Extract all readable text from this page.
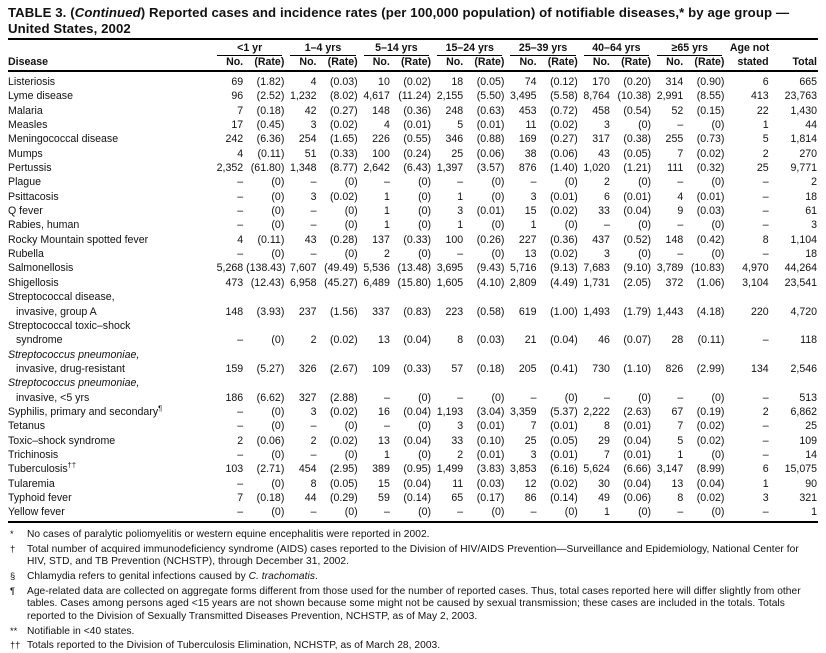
TABLE 3. (Continued) Reported cases and incidence rates (per 100,000 population) of notifiable diseases,* by age group — United States, 2002

	<1 yr		1–4 yrs		5–14 yrs		15–24 yrs		25–39 yrs		40–64 yrs		≥65 yrs		Age not	
Disease	No.	(Rate)	No.	(Rate)	No.	(Rate)	No.	(Rate)	No.	(Rate)	No.	(Rate)	No.	(Rate)	stated	Total
Listeriosis	69	(1.82)	4	(0.03)	10	(0.02)	18	(0.05)	74	(0.12)	170	(0.20)	314	(0.90)	6	665
Lyme disease	96	(2.52)	1,232	(8.02)	4,617	(11.24)	2,155	(5.50)	3,495	(5.58)	8,764	(10.38)	2,991	(8.55)	413	23,763
Malaria	7	(0.18)	42	(0.27)	148	(0.36)	248	(0.63)	453	(0.72)	458	(0.54)	52	(0.15)	22	1,430
Measles	17	(0.45)	3	(0.02)	4	(0.01)	5	(0.01)	11	(0.02)	3	(0)	–	(0)	1	44
Meningococcal disease	242	(6.36)	254	(1.65)	226	(0.55)	346	(0.88)	169	(0.27)	317	(0.38)	255	(0.73)	5	1,814
Mumps	4	(0.11)	51	(0.33)	100	(0.24)	25	(0.06)	38	(0.06)	43	(0.05)	7	(0.02)	2	270
Pertussis	2,352	(61.80)	1,348	(8.77)	2,642	(6.43)	1,397	(3.57)	876	(1.40)	1,020	(1.21)	111	(0.32)	25	9,771
Plague	–	(0)	–	(0)	–	(0)	–	(0)	–	(0)	2	(0)	–	(0)	–	2
Psittacosis	–	(0)	3	(0.02)	1	(0)	1	(0)	3	(0.01)	6	(0.01)	4	(0.01)	–	18
Q fever	–	(0)	–	(0)	1	(0)	3	(0.01)	15	(0.02)	33	(0.04)	9	(0.03)	–	61
Rabies, human	–	(0)	–	(0)	1	(0)	1	(0)	1	(0)	–	(0)	–	(0)	–	3
Rocky Mountain spotted fever	4	(0.11)	43	(0.28)	137	(0.33)	100	(0.26)	227	(0.36)	437	(0.52)	148	(0.42)	8	1,104
Rubella	–	(0)	–	(0)	2	(0)	–	(0)	13	(0.02)	3	(0)	–	(0)	–	18
Salmonellosis	5,268	(138.43)	7,607	(49.49)	5,536	(13.48)	3,695	(9.43)	5,716	(9.13)	7,683	(9.10)	3,789	(10.83)	4,970	44,264
Shigellosis	473	(12.43)	6,958	(45.27)	6,489	(15.80)	1,605	(4.10)	2,809	(4.49)	1,731	(2.05)	372	(1.06)	3,104	23,541
Streptococcal disease,																
invasive, group A	148	(3.93)	237	(1.56)	337	(0.83)	223	(0.58)	619	(1.00)	1,493	(1.79)	1,443	(4.18)	220	4,720
Streptococcal toxic–shock																
syndrome	–	(0)	2	(0.02)	13	(0.04)	8	(0.03)	21	(0.04)	46	(0.07)	28	(0.11)	–	118
Streptococcus pneumoniae,																
invasive, drug-resistant	159	(5.27)	326	(2.67)	109	(0.33)	57	(0.18)	205	(0.41)	730	(1.10)	826	(2.99)	134	2,546
Streptococcus pneumoniae,																
invasive, <5 yrs	186	(6.62)	327	(2.88)	–	(0)	–	(0)	–	(0)	–	(0)	–	(0)	–	513
Syphilis, primary and secondary¶	–	(0)	3	(0.02)	16	(0.04)	1,193	(3.04)	3,359	(5.37)	2,222	(2.63)	67	(0.19)	2	6,862
Tetanus	–	(0)	–	(0)	–	(0)	3	(0.01)	7	(0.01)	8	(0.01)	7	(0.02)	–	25
Toxic–shock syndrome	2	(0.06)	2	(0.02)	13	(0.04)	33	(0.10)	25	(0.05)	29	(0.04)	5	(0.02)	–	109
Trichinosis	–	(0)	–	(0)	1	(0)	2	(0.01)	3	(0.01)	7	(0.01)	1	(0)	–	14
Tuberculosis††	103	(2.71)	454	(2.95)	389	(0.95)	1,499	(3.83)	3,853	(6.16)	5,624	(6.66)	3,147	(8.99)	6	15,075
Tularemia	–	(0)	8	(0.05)	15	(0.04)	11	(0.03)	12	(0.02)	30	(0.04)	13	(0.04)	1	90
Typhoid fever	7	(0.18)	44	(0.29)	59	(0.14)	65	(0.17)	86	(0.14)	49	(0.06)	8	(0.02)	3	321
Yellow fever	–	(0)	–	(0)	–	(0)	–	(0)	–	(0)	1	(0)	–	(0)	–	1
*	No cases of paralytic poliomyelitis or western equine encephalitis were reported in 2002.
†	Total number of acquired immunodeficiency syndrome (AIDS) cases reported to the Division of HIV/AIDS Prevention—Surveillance and Epidemiology, National Center for HIV, STD, and TB Prevention (NCHSTP), through December 31, 2002.
§	Chlamydia refers to genital infections caused by C. trachomatis.
¶	Age-related data are collected on aggregate forms different from those used for the number of reported cases. Thus, total cases reported here will differ slightly from other tables. Cases among persons aged <15 years are not shown because some might not be caused by sexual transmission; these cases are included in the totals. Totals reported to the Division of Sexually Transmitted Diseases Prevention, NCHSTP, as of May 2, 2003.
** Notifiable in <40 states.
†† Totals reported to the Division of Tuberculosis Elimination, NCHSTP, as of March 28, 2003.
